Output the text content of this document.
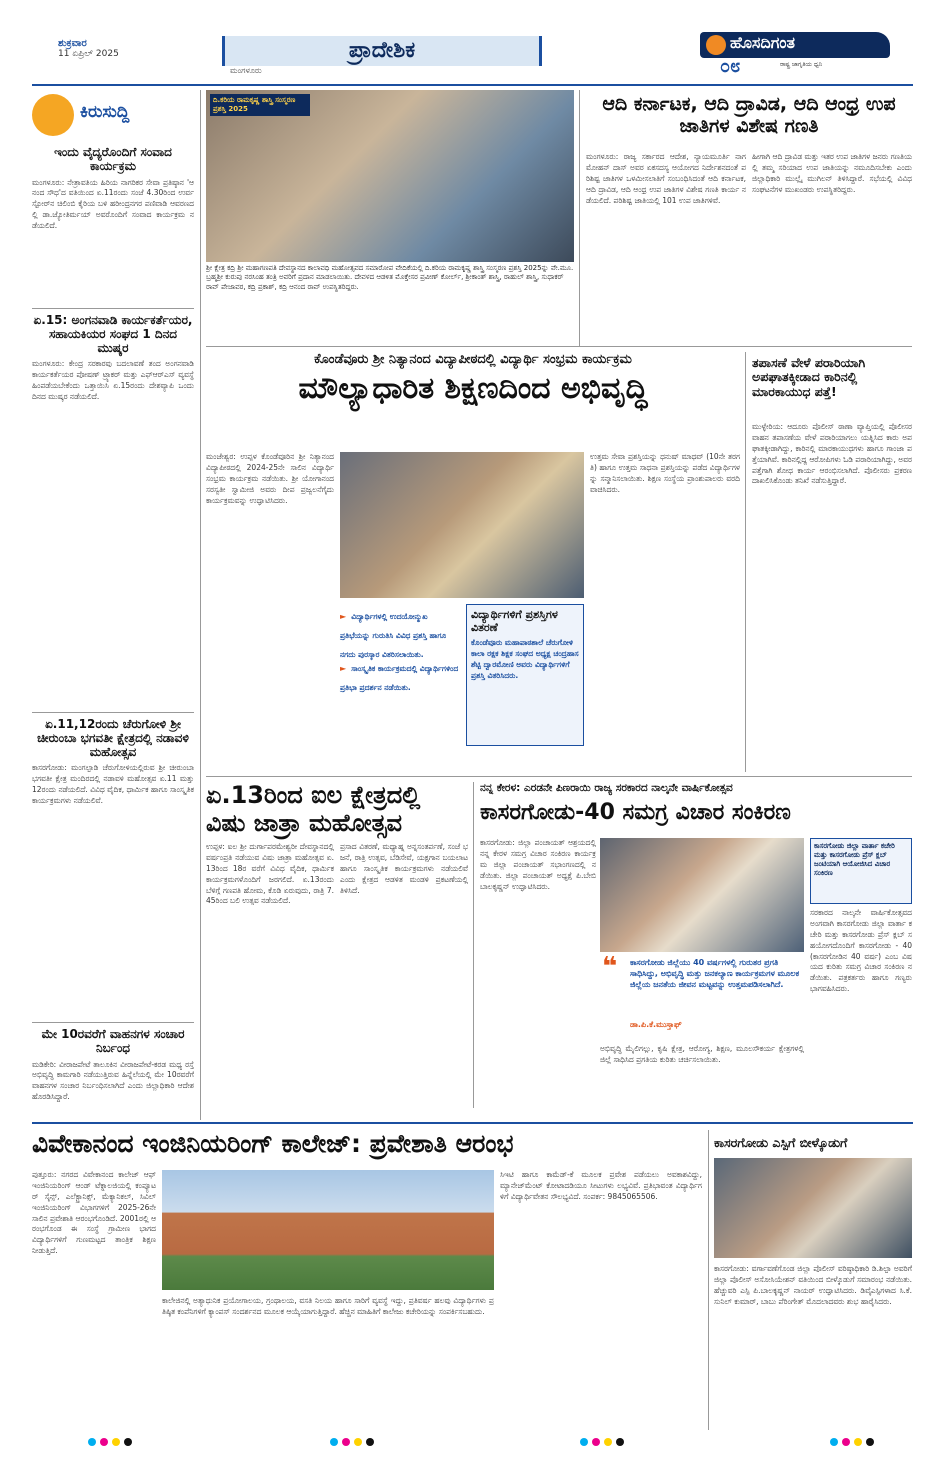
ಶುಕ್ರವಾರ
11 ಏಪ್ರಿಲ್ 2025
ಮಂಗಳೂರು
ಪ್ರಾದೇಶಿಕ	ಹೊಸದಿಗಂತ
ರಾಷ್ಟ್ರ ಜಾಗೃತಿಯ ಧ್ವನಿ
೦೮
ಕಿರುಸುದ್ದಿ
ಇಂದು ವೈದ್ಯರೊಂದಿಗೆ ಸಂವಾದ ಕಾರ್ಯಕ್ರಮ
ಮಂಗಳೂರು: ನೇತ್ರಾವತಿಯ ಹಿರಿಯ ನಾಗರಿಕರ ಸೇವಾ ಪ್ರತಿಷ್ಠಾನ 'ಆನಂದ ಸೌಧ'ದ ವತಿಯಿಂದ ಏ.11ರಂದು ಸಂಜೆ 4.30ರಿಂದ ಉರ್ವಸ್ಟೋರ್‌ನ ಚಿಲಿಂಬಿ ಕೈರಿಯ ಬಳಿ ಹರೀಂದ್ರನಗರ ಪಣಿವಾಡಿ ಆವರಣದಲ್ಲಿ ಡಾ.ಜ್ಯೋತಿರ್ಮಯ್ ಅವರೊಂದಿಗೆ ಸಂವಾದ ಕಾರ್ಯಕ್ರಮ ನಡೆಯಲಿದೆ.
ಏ.15: ಅಂಗನವಾಡಿ ಕಾರ್ಯಕರ್ತೆಯರ, ಸಹಾಯಕಿಯರ ಸಂಘದ 1 ದಿನದ ಮುಷ್ಕರ
ಮಂಗಳೂರು: ಕೇಂದ್ರ ಸರಕಾರವು ಬದಲಾವಣೆ ತಂದ ಅಂಗನವಾಡಿ ಕಾರ್ಯಕರ್ತೆಯರ ಪೋಷಣ್ ಟ್ರ್ಯಾಕರ್ ಮತ್ತು ಎಫ್‌ಆರ್‌ಎಸ್ ವ್ಯವಸ್ಥೆ ಹಿಂಪಡೆಯಬೇಕೆಂದು ಒತ್ತಾಯಿಸಿ ಏ.15ರಂದು ದೇಶವ್ಯಾಪಿ ಒಂದು ದಿನದ ಮುಷ್ಕರ ನಡೆಯಲಿದೆ.
ಏ.11,12ರಂದು ಚೆರುಗೋಳಿ ಶ್ರೀ ಚೀರುಂಬಾ ಭಗವತೀ ಕ್ಷೇತ್ರದಲ್ಲಿ ನಡಾವಳಿ ಮಹೋತ್ಸವ
ಕಾಸರಗೋಡು: ಮಂಗಲ್ಪಾಡಿ ಚೆರುಗೋಳಿಯಲ್ಲಿರುವ ಶ್ರೀ ಚೀರುಂಬಾ ಭಗವತೀ ಕ್ಷೇತ್ರ ಮಂದಿರದಲ್ಲಿ ನಡಾವಳಿ ಮಹೋತ್ಸವ ಏ.11 ಮತ್ತು 12ರಂದು ನಡೆಯಲಿದೆ. ವಿವಿಧ ವೈದಿಕ, ಧಾರ್ಮಿಕ ಹಾಗೂ ಸಾಂಸ್ಕೃತಿಕ ಕಾರ್ಯಕ್ರಮಗಳು ನಡೆಯಲಿವೆ.
ಮೇ 10ರವರೆಗೆ ವಾಹನಗಳ ಸಂಚಾರ ನಿರ್ಬಂಧ
ಮಡಿಕೇರಿ: ವೀರಾಜಪೇಟೆ ತಾಲೂಕಿನ ವೀರಾಜಪೇಟೆ-ಕರಡ ಮಧ್ಯ ರಸ್ತೆ ಅಭಿವೃದ್ಧಿ ಕಾಮಗಾರಿ ನಡೆಯುತ್ತಿರುವ ಹಿನ್ನೆಲೆಯಲ್ಲಿ ಮೇ 10ರವರೆಗೆ ವಾಹನಗಳ ಸಂಚಾರ ನಿರ್ಬಂಧಿಸಲಾಗಿದೆ ಎಂದು ಜಿಲ್ಲಾಧಿಕಾರಿ ಆದೇಶ ಹೊರಡಿಸಿದ್ದಾರೆ.
ದಿ.ಕರಿಯ ರಾಮಕೃಷ್ಣ ಶಾಸ್ತ್ರಿ ಸಂಸ್ಮರಣ ಪ್ರಶಸ್ತಿ 2025
ಶ್ರೀ ಕ್ಷೇತ್ರ ಕದ್ರಿ ಶ್ರೀ ಮಹಾಗಣಪತಿ ದೇವಸ್ಥಾನದ ಕಾಲಾವಧಿ ಮಹೋತ್ಸವದ ಸಮಾರೋಪ ವೇದಿಕೆಯಲ್ಲಿ ದಿ.ಕರಿಯ ರಾಮಕೃಷ್ಣ ಶಾಸ್ತ್ರಿ ಸಂಸ್ಮರಣ ಪ್ರಶಸ್ತಿ 2025ನ್ನು ವೇ.ಮೂ. ಬ್ರಹ್ಮಶ್ರೀ ಕುರುಪು ನರಸಿಂಹ ತಂತ್ರಿ ಅವರಿಗೆ ಪ್ರದಾನ ಮಾಡಲಾಯಿತು. ದೇವಳದ ಆಡಳಿತ ಮೊಕ್ತೇಸರ ಪ್ರವೀಣ್ ಕೋರ್ಲ್, ಶ್ರೀಕಾಂತ್ ಶಾಸ್ತ್ರಿ, ರಾಹುಲ್ ಶಾಸ್ತ್ರಿ, ಸುಧಾಕರ್ ರಾವ್ ಪೇಜಾವರ, ಕದ್ರಿ ಪ್ರಕಾಶ್, ಕದ್ರಿ ಆನಂದ ರಾವ್ ಉಪಸ್ಥಿತರಿದ್ದರು.
ಆದಿ ಕರ್ನಾಟಕ, ಆದಿ ದ್ರಾವಿಡ, ಆದಿ ಆಂಧ್ರ ಉಪ ಜಾತಿಗಳ ವಿಶೇಷ ಗಣತಿ
ಮಂಗಳೂರು: ರಾಜ್ಯ ಸರ್ಕಾರದ ಆದೇಶ, ನ್ಯಾಯಮೂರ್ತಿ ನಾಗಮೋಹನ್ ದಾಸ್ ಅವರ ಏಕಸದಸ್ಯ ಆಯೋಗದ ನಿರ್ದೇಶನದಂತೆ ಪರಿಶಿಷ್ಟ ಜಾತಿಗಳ ಒಳಮೀಸಲಾತಿಗೆ ಸಂಬಂಧಿಸಿದಂತೆ ಆದಿ ಕರ್ನಾಟಕ, ಆದಿ ದ್ರಾವಿಡ, ಆದಿ ಆಂಧ್ರ ಉಪ ಜಾತಿಗಳ ವಿಶೇಷ ಗಣತಿ ಕಾರ್ಯ ನಡೆಯಲಿದೆ. ಪರಿಶಿಷ್ಟ ಜಾತಿಯಲ್ಲಿ 101 ಉಪ ಜಾತಿಗಳಿವೆ.
ಹೀಗಾಗಿ ಆದಿ ದ್ರಾವಿಡ ಮತ್ತು ಇತರ ಉಪ ಜಾತಿಗಳ ಜನರು ಗಣತಿಯಲ್ಲಿ ತಮ್ಮ ಸರಿಯಾದ ಉಪ ಜಾತಿಯನ್ನು ನಮೂದಿಸಬೇಕು ಎಂದು ಜಿಲ್ಲಾಧಿಕಾರಿ ಮುಲ್ಲೈ ಮುಗಿಲನ್ ತಿಳಿಸಿದ್ದಾರೆ. ಸಭೆಯಲ್ಲಿ ವಿವಿಧ ಸಂಘಟನೆಗಳ ಮುಖಂಡರು ಉಪಸ್ಥಿತರಿದ್ದರು.
ಕೊಂಡೆವೂರು ಶ್ರೀ ನಿತ್ಯಾನಂದ ವಿದ್ಯಾಪೀಠದಲ್ಲಿ ವಿದ್ಯಾರ್ಥಿ ಸಂಭ್ರಮ ಕಾರ್ಯಕ್ರಮ
ಮೌಲ್ಯಾಧಾರಿತ ಶಿಕ್ಷಣದಿಂದ ಅಭಿವೃದ್ಧಿ
ಮಂಜೇಶ್ವರ: ಉಪ್ಪಳ ಕೊಂಡೆವೂರಿನ ಶ್ರೀ ನಿತ್ಯಾನಂದ ವಿದ್ಯಾಪೀಠದಲ್ಲಿ 2024-25ನೇ ಸಾಲಿನ ವಿದ್ಯಾರ್ಥಿ ಸಂಭ್ರಮ ಕಾರ್ಯಕ್ರಮ ನಡೆಯಿತು. ಶ್ರೀ ಯೋಗಾನಂದ ಸರಸ್ವತೀ ಸ್ವಾಮೀಜಿ ಅವರು ದೀಪ ಪ್ರಜ್ವಲನೆಗೈದು ಕಾರ್ಯಕ್ರಮವನ್ನು ಉದ್ಘಾಟಿಸಿದರು.
ಉತ್ತಮ ಸೇವಾ ಪ್ರಶಸ್ತಿಯನ್ನು ಧನುಷ್ ಮಾಧವ್ (10ನೇ ತರಗತಿ) ಹಾಗೂ ಉತ್ತಮ ಸಾಧನಾ ಪ್ರಶಸ್ತಿಯನ್ನು ಪಡೆದ ವಿದ್ಯಾರ್ಥಿಗಳನ್ನು ಸನ್ಮಾನಿಸಲಾಯಿತು. ಶಿಕ್ಷಣ ಸಂಸ್ಥೆಯ ಪ್ರಾಂಶುಪಾಲರು ವರದಿ ವಾಚಿಸಿದರು.
► ವಿದ್ಯಾರ್ಥಿಗಳಲ್ಲಿ ಉದಯೋನ್ಮುಖ ಪ್ರತಿಭೆಯನ್ನು ಗುರುತಿಸಿ ವಿವಿಧ ಪ್ರಶಸ್ತಿ ಹಾಗೂ ನಗದು ಪುರಸ್ಕಾರ ವಿತರಿಸಲಾಯಿತು.
► ಸಾಂಸ್ಕೃತಿಕ ಕಾರ್ಯಕ್ರಮದಲ್ಲಿ ವಿದ್ಯಾರ್ಥಿಗಳಿಂದ ಪ್ರತಿಭಾ ಪ್ರದರ್ಶನ ನಡೆಯಿತು.
ವಿದ್ಯಾರ್ಥಿಗಳಿಗೆ ಪ್ರಶಸ್ತಿಗಳ ವಿತರಣೆ
ಕೊಂಡೆವೂರು ಮಹಾಪಾಠಶಾಲೆ ಚೆರುಗೋಳಿ ಕಾಲಾ ರಕ್ಷಕ ಶಿಕ್ಷಕ ಸಂಘದ ಅಧ್ಯಕ್ಷ ಚಂದ್ರಹಾಸ ಶೆಟ್ಟಿ ದ್ವಾರಮೋಣಿ ಅವರು ವಿದ್ಯಾರ್ಥಿಗಳಿಗೆ ಪ್ರಶಸ್ತಿ ವಿತರಿಸಿದರು.
ತಪಾಸಣೆ ವೇಳೆ ಪರಾರಿಯಾಗಿ ಅಪಘಾತಕ್ಕೀಡಾದ ಕಾರಿನಲ್ಲಿ ಮಾರಕಾಯುಧ ಪತ್ತೆ!
ಮುಳ್ಳೇರಿಯ: ಆದೂರು ಪೊಲೀಸ್ ಠಾಣಾ ವ್ಯಾಪ್ತಿಯಲ್ಲಿ ಪೊಲೀಸರ ವಾಹನ ತಪಾಸಣೆಯ ವೇಳೆ ಪರಾರಿಯಾಗಲು ಯತ್ನಿಸಿದ ಕಾರು ಅಪಘಾತಕ್ಕೀಡಾಗಿದ್ದು, ಕಾರಿನಲ್ಲಿ ಮಾರಕಾಯುಧಗಳು ಹಾಗೂ ಗಾಂಜಾ ಪತ್ತೆಯಾಗಿವೆ. ಕಾರಿನಲ್ಲಿದ್ದ ಆರೋಪಿಗಳು ಓಡಿ ಪರಾರಿಯಾಗಿದ್ದು, ಅವರ ಪತ್ತೆಗಾಗಿ ಶೋಧ ಕಾರ್ಯ ಆರಂಭಿಸಲಾಗಿದೆ. ಪೊಲೀಸರು ಪ್ರಕರಣ ದಾಖಲಿಸಿಕೊಂಡು ತನಿಖೆ ನಡೆಸುತ್ತಿದ್ದಾರೆ.
ಏ.13ರಿಂದ ಐಲ ಕ್ಷೇತ್ರದಲ್ಲಿ ವಿಷು ಜಾತ್ರಾ ಮಹೋತ್ಸವ
ಉಪ್ಪಳ: ಐಲ ಶ್ರೀ ದುರ್ಗಾಪರಮೇಶ್ವರೀ ದೇವಸ್ಥಾನದಲ್ಲಿ ವರ್ಷಂಪ್ರತಿ ನಡೆಯುವ ವಿಷು ಜಾತ್ರಾ ಮಹೋತ್ಸವ ಏ.13ರಿಂದ 18ರ ವರೆಗೆ ವಿವಿಧ ವೈದಿಕ, ಧಾರ್ಮಿಕ ಕಾರ್ಯಕ್ರಮಗಳೊಂದಿಗೆ ಜರಗಲಿದೆ. ಏ.13ರಂದು ಬೆಳಿಗ್ಗೆ ಗಣಪತಿ ಹೋಮ, ಕೊಡಿ ಏರುವುದು, ರಾತ್ರಿ 7.45ರಿಂದ ಬಲಿ ಉತ್ಸವ ನಡೆಯಲಿದೆ.
ಪ್ರಸಾದ ವಿತರಣೆ, ಮಧ್ಯಾಹ್ನ ಅನ್ನಸಂತರ್ಪಣೆ, ಸಂಜೆ ಭಜನೆ, ರಾತ್ರಿ ಉತ್ಸವ, ಬೆಡಿಸೇವೆ, ಯಕ್ಷಗಾನ ಬಯಲಾಟ ಹಾಗೂ ಸಾಂಸ್ಕೃತಿಕ ಕಾರ್ಯಕ್ರಮಗಳು ನಡೆಯಲಿವೆ ಎಂದು ಕ್ಷೇತ್ರದ ಆಡಳಿತ ಮಂಡಳಿ ಪ್ರಕಟಣೆಯಲ್ಲಿ ತಿಳಿಸಿದೆ.
ನನ್ನ ಕೇರಳ: ಎರಡನೇ ಪಿಣರಾಯಿ ರಾಜ್ಯ ಸರಕಾರದ ನಾಲ್ಕನೇ ವಾರ್ಷಿಕೋತ್ಸವ
ಕಾಸರಗೋಡು-40 ಸಮಗ್ರ ವಿಚಾರ ಸಂಕಿರಣ
ಕಾಸರಗೋಡು: ಜಿಲ್ಲಾ ಪಂಚಾಯತ್ ಆಶ್ರಯದಲ್ಲಿ ನನ್ನ ಕೇರಳ ಸಮಗ್ರ ವಿಚಾರ ಸಂಕಿರಣ ಕಾರ್ಯಕ್ರಮ ಜಿಲ್ಲಾ ಪಂಚಾಯತ್ ಸಭಾಂಗಣದಲ್ಲಿ ನಡೆಯಿತು. ಜಿಲ್ಲಾ ಪಂಚಾಯತ್ ಅಧ್ಯಕ್ಷೆ ಪಿ.ಬೇಬಿ ಬಾಲಕೃಷ್ಣನ್ ಉದ್ಘಾಟಿಸಿದರು.
❝ ಕಾಸರಗೋಡು ಜಿಲ್ಲೆಯು 40 ವರ್ಷಗಳಲ್ಲಿ ಗುರುತರ ಪ್ರಗತಿ ಸಾಧಿಸಿದ್ದು, ಅಭಿವೃದ್ಧಿ ಮತ್ತು ಜನಕಲ್ಯಾಣ ಕಾರ್ಯಕ್ರಮಗಳ ಮೂಲಕ ಜಿಲ್ಲೆಯ ಜನತೆಯ ಜೀವನ ಮಟ್ಟವನ್ನು ಉತ್ತಮಪಡಿಸಲಾಗಿದೆ.
ಡಾ.ಪಿ.ಕೆ.ಮುಸ್ತಾಫ್
ಅಭಿವೃದ್ಧಿ ಮೈಲಿಗಲ್ಲು, ಕೃಷಿ ಕ್ಷೇತ್ರ, ಆರೋಗ್ಯ, ಶಿಕ್ಷಣ, ಮೂಲಸೌಕರ್ಯ ಕ್ಷೇತ್ರಗಳಲ್ಲಿ ಜಿಲ್ಲೆ ಸಾಧಿಸಿದ ಪ್ರಗತಿಯ ಕುರಿತು ಚರ್ಚಿಸಲಾಯಿತು.
ಕಾಸರಗೋಡು ಜಿಲ್ಲಾ ವಾರ್ತಾ ಕಚೇರಿ ಮತ್ತು ಕಾಸರಗೋಡು ಪ್ರೆಸ್ ಕ್ಲಬ್ ಜಂಟಿಯಾಗಿ ಆಯೋಜಿಸಿದ ವಿಚಾರ ಸಂಕಿರಣ
ಸರಕಾರದ ನಾಲ್ಕನೇ ವಾರ್ಷಿಕೋತ್ಸವದ ಅಂಗವಾಗಿ ಕಾಸರಗೋಡು ಜಿಲ್ಲಾ ವಾರ್ತಾ ಕಚೇರಿ ಮತ್ತು ಕಾಸರಗೋಡು ಪ್ರೆಸ್ ಕ್ಲಬ್ ಸಹಯೋಗದೊಂದಿಗೆ ಕಾಸರಗೋಡು - 40 (ಕಾಸರಗೋಡಿನ 40 ವರ್ಷ) ಎಂಬ ವಿಷಯದ ಕುರಿತು ಸಮಗ್ರ ವಿಚಾರ ಸಂಕಿರಣ ನಡೆಯಿತು. ಪತ್ರಕರ್ತರು ಹಾಗೂ ಗಣ್ಯರು ಭಾಗವಹಿಸಿದರು.
ವಿವೇಕಾನಂದ ಇಂಜಿನಿಯರಿಂಗ್ ಕಾಲೇಜ್: ಪ್ರವೇಶಾತಿ ಆರಂಭ
ಪುತ್ತೂರು: ನಗರದ ವಿವೇಕಾನಂದ ಕಾಲೇಜ್ ಆಫ್ ಇಂಜಿನಿಯರಿಂಗ್ ಆಂಡ್ ಟೆಕ್ನಾಲಜಿಯಲ್ಲಿ ಕಂಪ್ಯೂಟರ್ ಸೈನ್ಸ್, ಎಲೆಕ್ಟ್ರಾನಿಕ್ಸ್, ಮೆಕ್ಯಾನಿಕಲ್, ಸಿವಿಲ್ ಇಂಜಿನಿಯರಿಂಗ್ ವಿಭಾಗಗಳಿಗೆ 2025-26ನೇ ಸಾಲಿನ ಪ್ರವೇಶಾತಿ ಆರಂಭಗೊಂಡಿದೆ. 2001ರಲ್ಲಿ ಆರಂಭಗೊಂಡ ಈ ಸಂಸ್ಥೆ ಗ್ರಾಮೀಣ ಭಾಗದ ವಿದ್ಯಾರ್ಥಿಗಳಿಗೆ ಗುಣಮಟ್ಟದ ತಾಂತ್ರಿಕ ಶಿಕ್ಷಣ ನೀಡುತ್ತಿದೆ.
ಕಾಲೇಜಿನಲ್ಲಿ ಅತ್ಯಾಧುನಿಕ ಪ್ರಯೋಗಾಲಯ, ಗ್ರಂಥಾಲಯ, ವಸತಿ ನಿಲಯ ಹಾಗೂ ಸಾರಿಗೆ ವ್ಯವಸ್ಥೆ ಇದ್ದು, ಪ್ರತಿವರ್ಷ ಹಲವು ವಿದ್ಯಾರ್ಥಿಗಳು ಪ್ರತಿಷ್ಠಿತ ಕಂಪೆನಿಗಳಿಗೆ ಕ್ಯಾಂಪಸ್ ಸಂದರ್ಶನದ ಮೂಲಕ ಆಯ್ಕೆಯಾಗುತ್ತಿದ್ದಾರೆ. ಹೆಚ್ಚಿನ ಮಾಹಿತಿಗೆ ಕಾಲೇಜು ಕಚೇರಿಯನ್ನು ಸಂಪರ್ಕಿಸಬಹುದು.
ಸಿಇಟಿ ಹಾಗೂ ಕಾಮೆಡ್-ಕೆ ಮೂಲಕ ಪ್ರವೇಶ ಪಡೆಯಲು ಅವಕಾಶವಿದ್ದು, ಮ್ಯಾನೇಜ್‌ಮೆಂಟ್ ಕೋಟಾದಡಿಯೂ ಸೀಟುಗಳು ಲಭ್ಯವಿವೆ. ಪ್ರತಿಭಾವಂತ ವಿದ್ಯಾರ್ಥಿಗಳಿಗೆ ವಿದ್ಯಾರ್ಥಿವೇತನ ಸೌಲಭ್ಯವಿದೆ. ಸಂಪರ್ಕ: 9845065506.
ಕಾಸರಗೋಡು ಎಸ್ಪಿಗೆ ಬೀಳ್ಕೊಡುಗೆ
ಕಾಸರಗೋಡು: ವರ್ಗಾವಣೆಗೊಂಡ ಜಿಲ್ಲಾ ಪೊಲೀಸ್ ವರಿಷ್ಠಾಧಿಕಾರಿ ಡಿ.ಶಿಲ್ಪಾ ಅವರಿಗೆ ಜಿಲ್ಲಾ ಪೊಲೀಸ್ ಅಸೋಸಿಯೇಶನ್ ವತಿಯಿಂದ ಬೀಳ್ಕೊಡುಗೆ ಸಮಾರಂಭ ನಡೆಯಿತು. ಹೆಚ್ಚುವರಿ ಎಸ್ಪಿ ಪಿ.ಬಾಲಕೃಷ್ಣನ್ ನಾಯರ್ ಉದ್ಘಾಟಿಸಿದರು. ಡಿವೈಎಸ್ಪಿಗಳಾದ ಸಿ.ಕೆ.ಸುನಿಲ್ ಕುಮಾರ್, ಬಾಬು ಪೆರಿಂಗೇತ್ ಮೊದಲಾದವರು ಶುಭ ಹಾರೈಸಿದರು.
